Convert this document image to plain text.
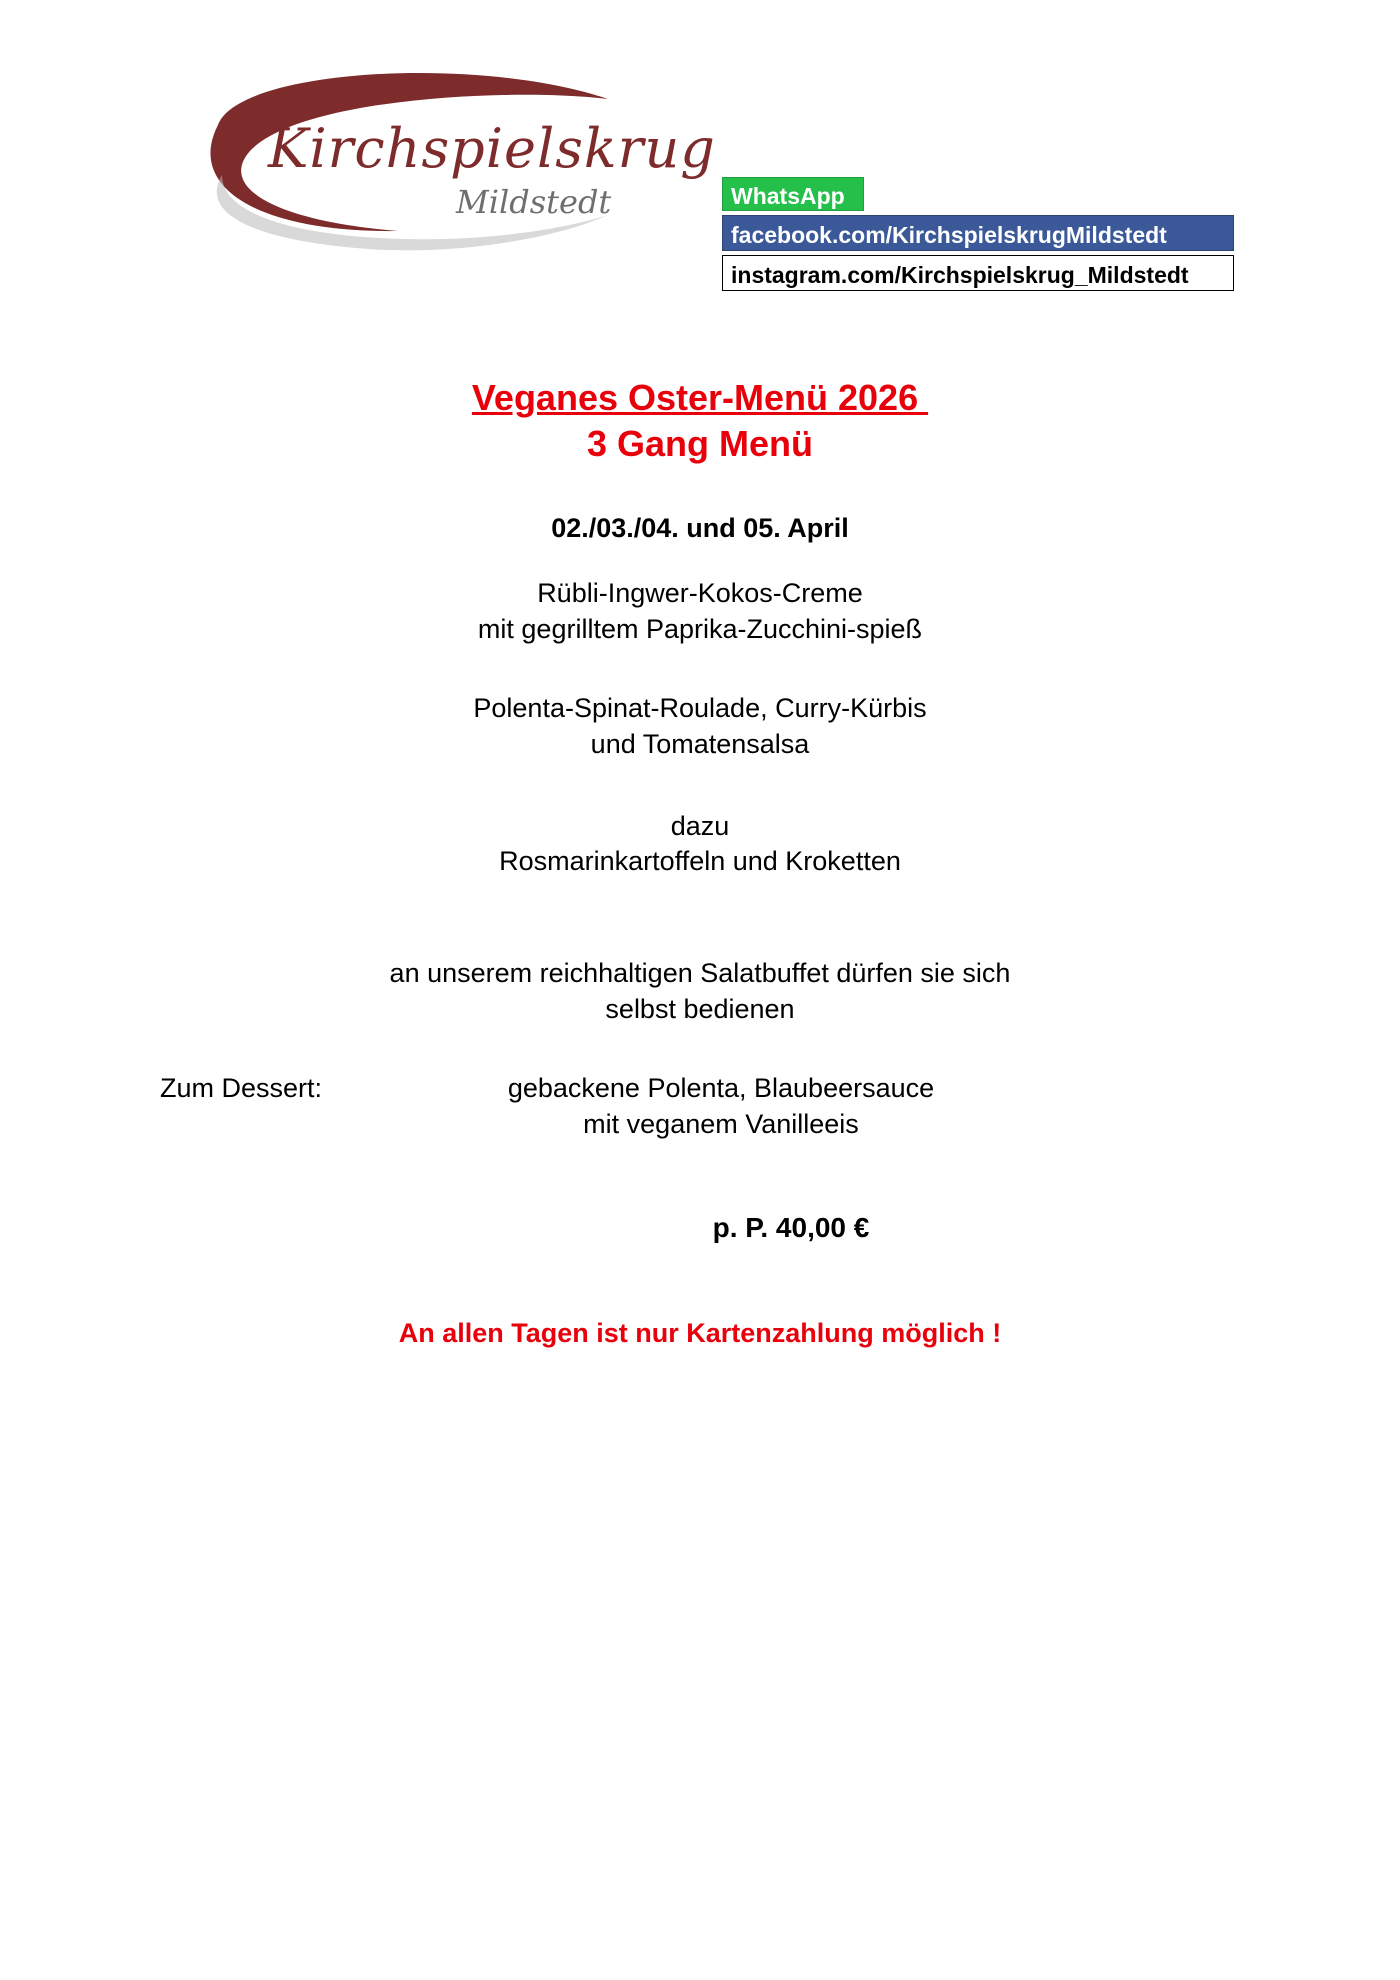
Kirchspielskrug
Mildstedt	WhatsApp
facebook.com/KirchspielskrugMildstedt
instagram.com/Kirchspielskrug_Mildstedt
Veganes Oster-Menü 2026
3 Gang Menü
02./03./04. und 05. April
Rübli-Ingwer-Kokos-Creme
mit gegrilltem Paprika-Zucchini-spieß
Polenta-Spinat-Roulade, Curry-Kürbis
und Tomatensalsa
dazu
Rosmarinkartoffeln und Kroketten
an unserem reichhaltigen Salatbuffet dürfen sie sich
selbst bedienen
Zum Dessert:	gebackene Polenta, Blaubeersauce
mit veganem Vanilleeis
p. P. 40,00 €
An allen Tagen ist nur Kartenzahlung möglich !
